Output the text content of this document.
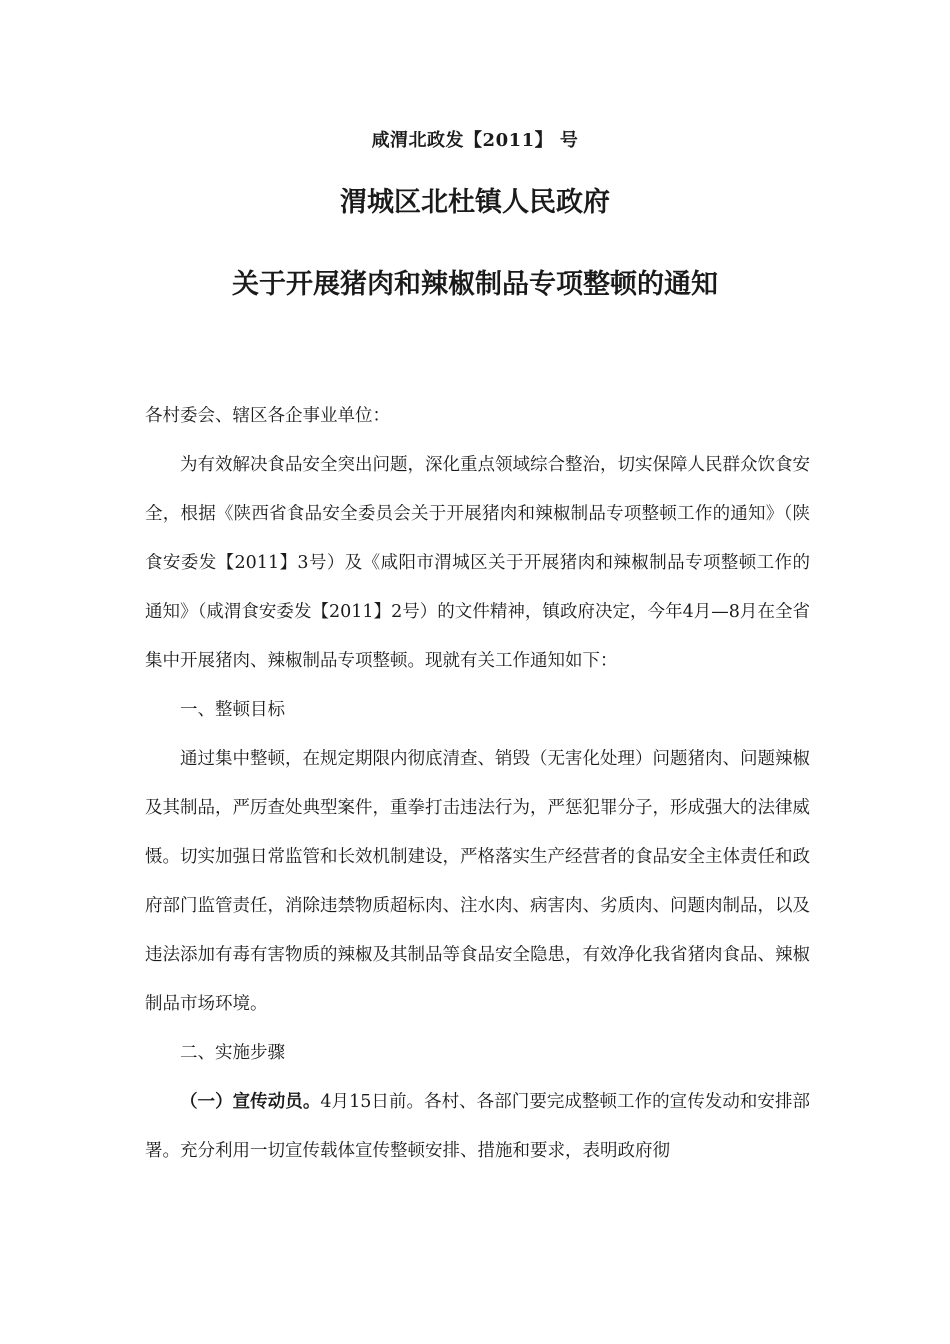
咸渭北政发【2011】 号
渭城区北杜镇人民政府
关于开展猪肉和辣椒制品专项整顿的通知

各村委会、辖区各企事业单位：

为有效解决食品安全突出问题，深化重点领域综合整治，切实保障人民群众饮食安全，根据《陕西省食品安全委员会关于开展猪肉和辣椒制品专项整顿工作的通知》（陕食安委发【2011】3号）及《咸阳市渭城区关于开展猪肉和辣椒制品专项整顿工作的通知》（咸渭食安委发【2011】2号）的文件精神，镇政府决定，今年4月—8月在全省集中开展猪肉、辣椒制品专项整顿。现就有关工作通知如下：

一、整顿目标

通过集中整顿，在规定期限内彻底清查、销毁（无害化处理）问题猪肉、问题辣椒及其制品，严厉查处典型案件，重拳打击违法行为，严惩犯罪分子，形成强大的法律威慑。切实加强日常监管和长效机制建设，严格落实生产经营者的食品安全主体责任和政府部门监管责任，消除违禁物质超标肉、注水肉、病害肉、劣质肉、问题肉制品，以及违法添加有毒有害物质的辣椒及其制品等食品安全隐患，有效净化我省猪肉食品、辣椒制品市场环境。

二、实施步骤

（一）宣传动员。4月15日前。各村、各部门要完成整顿工作的宣传发动和安排部署。充分利用一切宣传载体宣传整顿安排、措施和要求，表明政府彻
